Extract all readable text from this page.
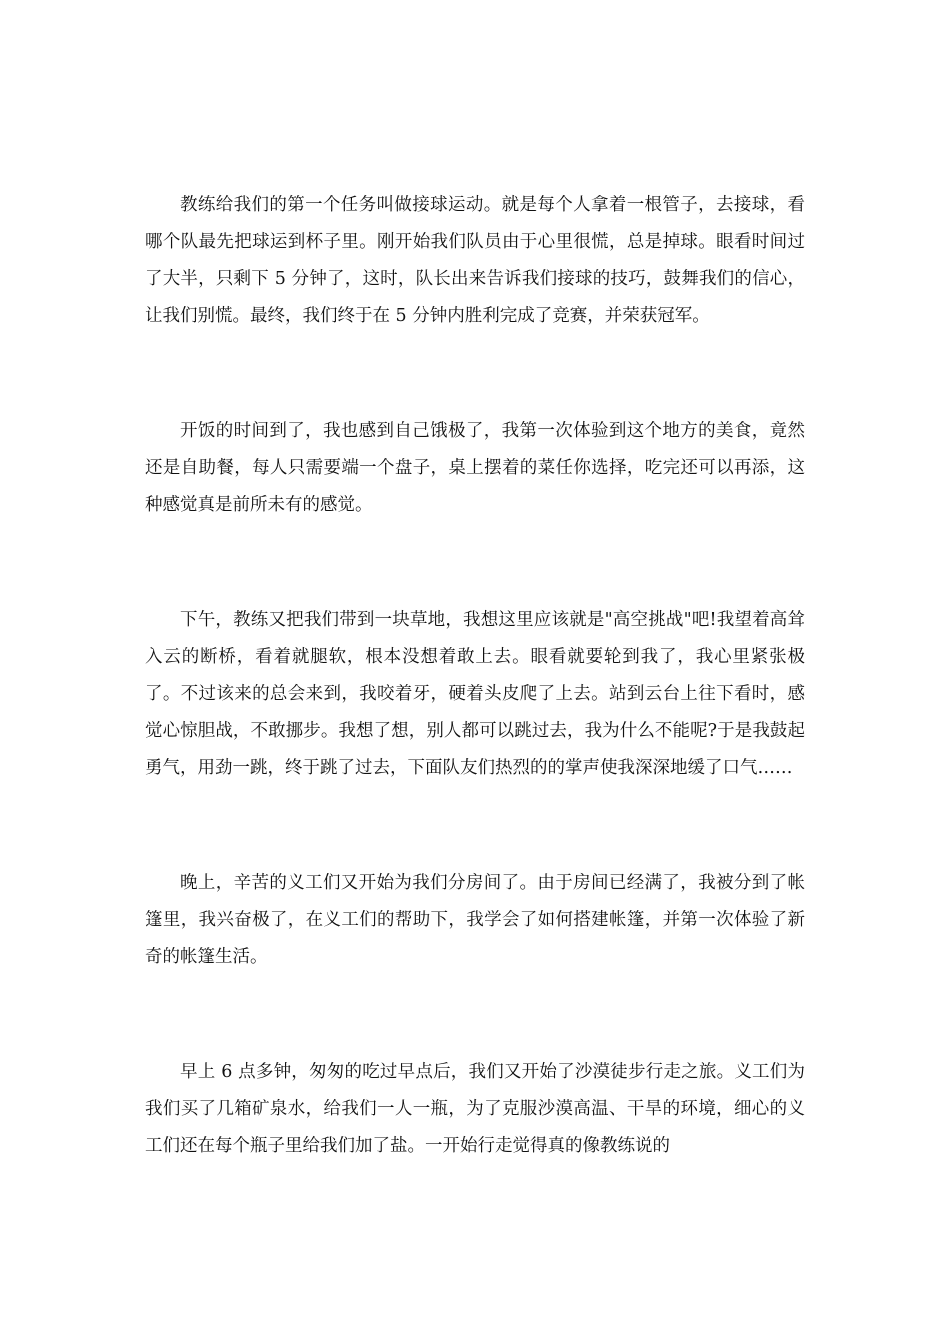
教练给我们的第一个任务叫做接球运动。就是每个人拿着一根管子，去接球，看哪个队最先把球运到杯子里。刚开始我们队员由于心里很慌，总是掉球。眼看时间过了大半，只剩下 5 分钟了，这时，队长出来告诉我们接球的技巧，鼓舞我们的信心，让我们别慌。最终，我们终于在 5 分钟内胜利完成了竞赛，并荣获冠军。

开饭的时间到了，我也感到自己饿极了，我第一次体验到这个地方的美食，竟然还是自助餐，每人只需要端一个盘子，桌上摆着的菜任你选择，吃完还可以再添，这种感觉真是前所未有的感觉。

下午，教练又把我们带到一块草地，我想这里应该就是"高空挑战"吧!我望着高耸入云的断桥，看着就腿软，根本没想着敢上去。眼看就要轮到我了，我心里紧张极了。不过该来的总会来到，我咬着牙，硬着头皮爬了上去。站到云台上往下看时，感觉心惊胆战，不敢挪步。我想了想，别人都可以跳过去，我为什么不能呢?于是我鼓起勇气，用劲一跳，终于跳了过去，下面队友们热烈的的掌声使我深深地缓了口气……

晚上，辛苦的义工们又开始为我们分房间了。由于房间已经满了，我被分到了帐篷里，我兴奋极了，在义工们的帮助下，我学会了如何搭建帐篷，并第一次体验了新奇的帐篷生活。

早上 6 点多钟，匆匆的吃过早点后，我们又开始了沙漠徒步行走之旅。义工们为我们买了几箱矿泉水，给我们一人一瓶，为了克服沙漠高温、干旱的环境，细心的义工们还在每个瓶子里给我们加了盐。一开始行走觉得真的像教练说的
